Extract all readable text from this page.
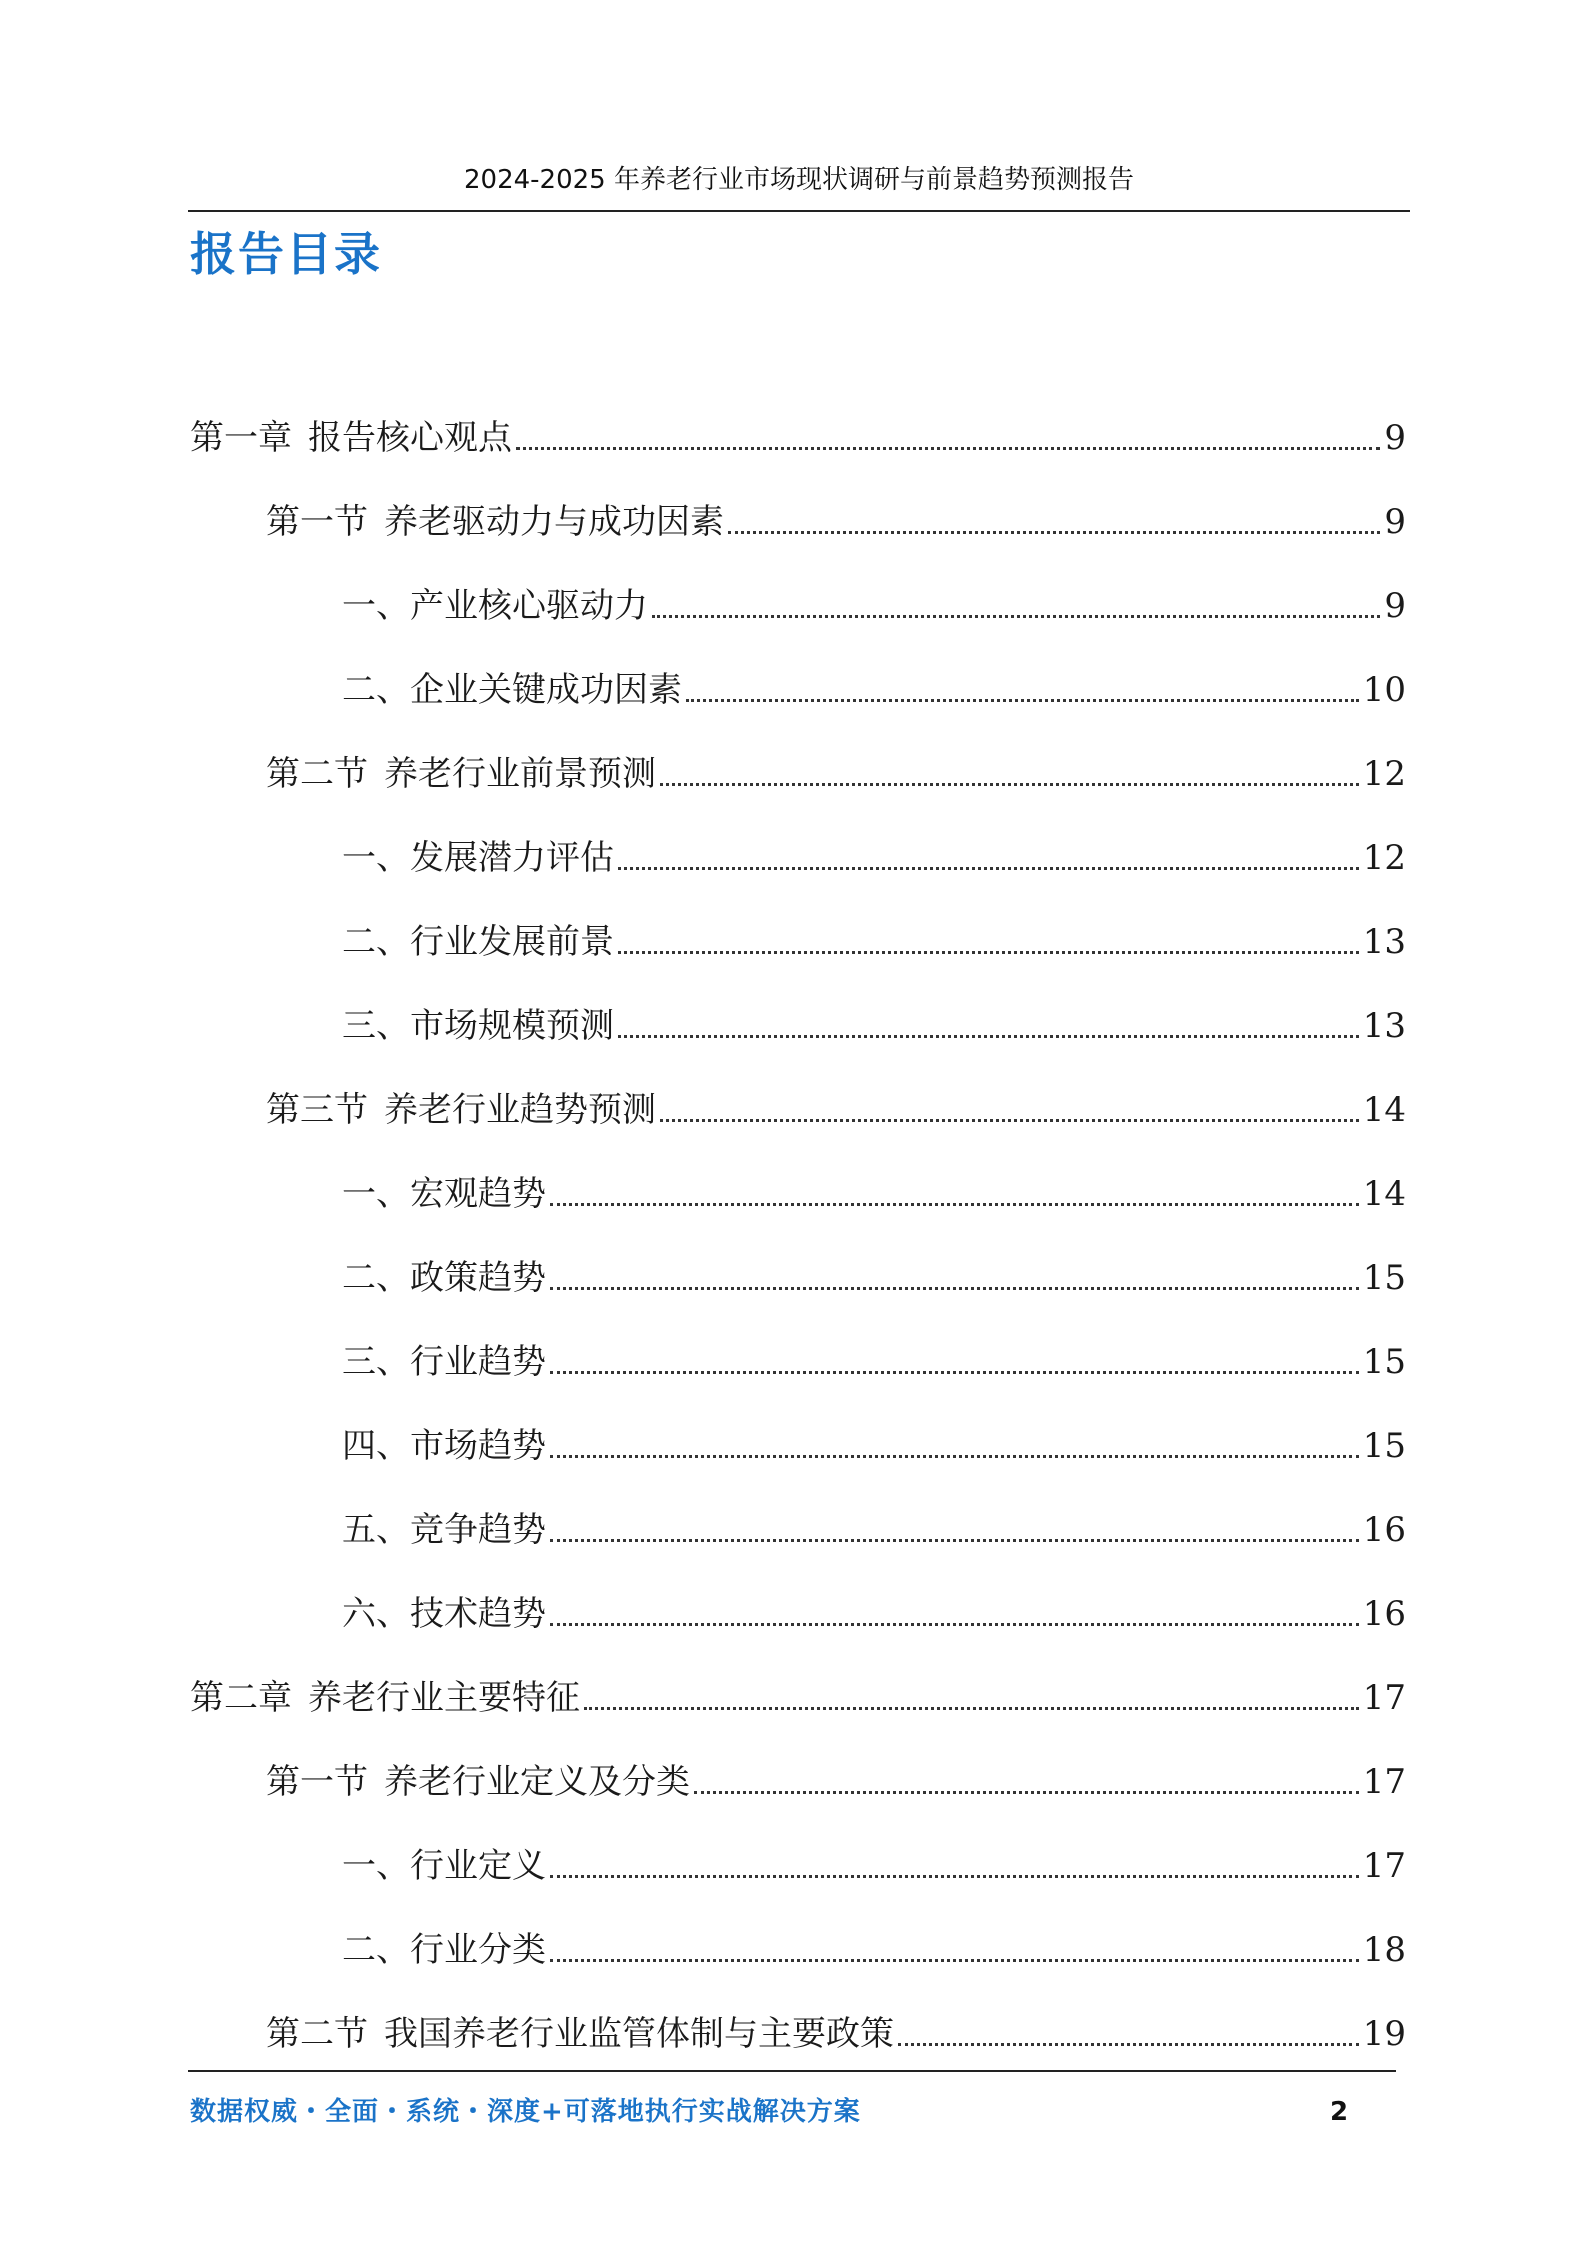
2024-2025 年养老行业市场现状调研与前景趋势预测报告
报告目录
第一章 报告核心观点	9
第一节 养老驱动力与成功因素	9
一、产业核心驱动力	9
二、企业关键成功因素	10
第二节 养老行业前景预测	12
一、发展潜力评估	12
二、行业发展前景	13
三、市场规模预测	13
第三节 养老行业趋势预测	14
一、宏观趋势	14
二、政策趋势	15
三、行业趋势	15
四、市场趋势	15
五、竞争趋势	16
六、技术趋势	16
第二章 养老行业主要特征	17
第一节 养老行业定义及分类	17
一、行业定义	17
二、行业分类	18
第二节 我国养老行业监管体制与主要政策	19
数据权威・全面・系统・深度+可落地执行实战解决方案	2
